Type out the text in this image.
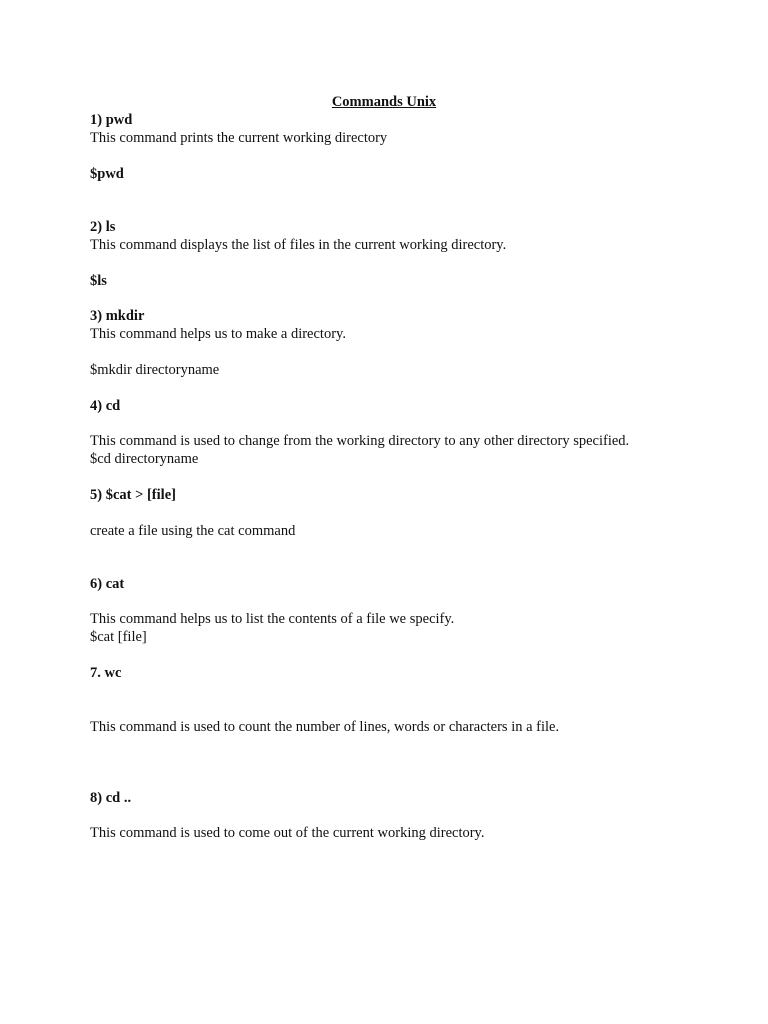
Commands Unix
1) pwd
This command prints the current working directory
$pwd
2) ls
This command displays the list of files in the current working directory.
$ls
3) mkdir
This command helps us to make a directory.
$mkdir directoryname
4) cd
This command is used to change from the working directory to any other directory specified.
$cd directoryname
5) $cat > [file]
create a file using the cat command
6) cat
This command helps us to list the contents of a file we specify.
$cat [file]
7. wc
This command is used to count the number of lines, words or characters in a file.
8) cd ..
This command is used to come out of the current working directory.
